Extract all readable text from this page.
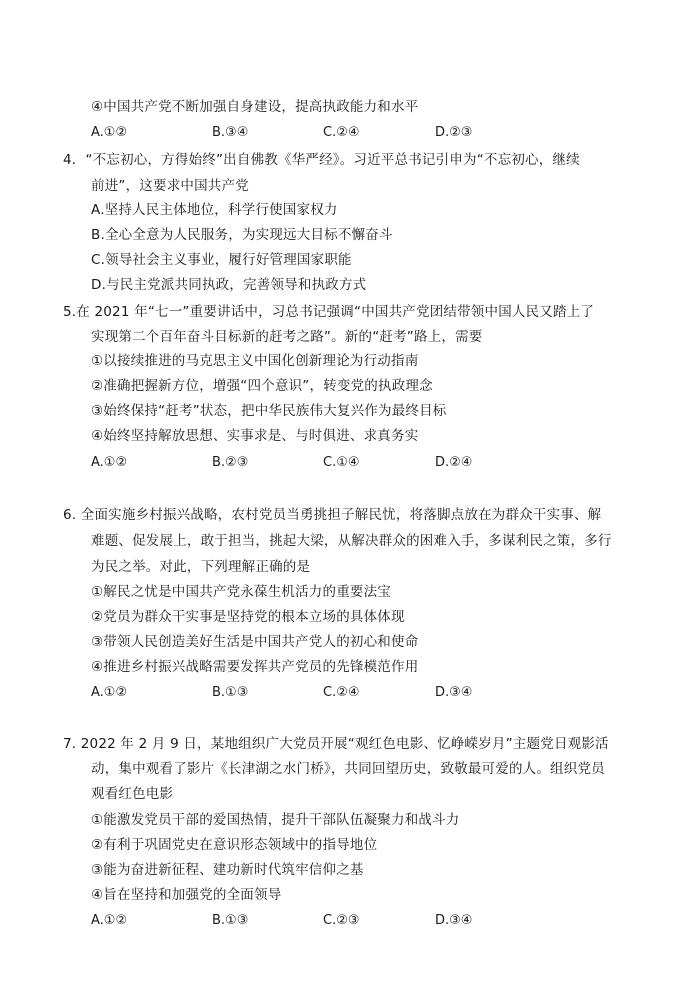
④中国共产党不断加强自身建设，提高执政能力和水平
A.①②	B.③④	C.②④	D.②③
4．“不忘初心，方得始终”出自佛教《华严经》。习近平总书记引申为“不忘初心，继续
前进”，这要求中国共产党
A.坚持人民主体地位，科学行使国家权力
B.全心全意为人民服务，为实现远大目标不懈奋斗
C.领导社会主义事业，履行好管理国家职能
D.与民主党派共同执政，完善领导和执政方式
5.在 2021 年“七一”重要讲话中，习总书记强调“中国共产党团结带领中国人民又踏上了
实现第二个百年奋斗目标新的赶考之路”。新的“赶考”路上，需要
①以接续推进的马克思主义中国化创新理论为行动指南
②准确把握新方位，增强“四个意识”，转变党的执政理念
③始终保持“赶考”状态，把中华民族伟大复兴作为最终目标
④始终坚持解放思想、实事求是、与时俱进、求真务实
A.①②	B.②③	C.①④	D.②④
6. 全面实施乡村振兴战略，农村党员当勇挑担子解民忧，将落脚点放在为群众干实事、解
难题、促发展上，敢于担当，挑起大梁，从解决群众的困难入手，多谋利民之策，多行
为民之举。对此，下列理解正确的是
①解民之忧是中国共产党永葆生机活力的重要法宝
②党员为群众干实事是坚持党的根本立场的具体体现
③带领人民创造美好生活是中国共产党人的初心和使命
④推进乡村振兴战略需要发挥共产党员的先锋模范作用
A.①②	B.①③	C.②④	D.③④
7. 2022 年 2 月 9 日，某地组织广大党员开展“观红色电影、忆峥嵘岁月”主题党日观影活
动，集中观看了影片《长津湖之水门桥》，共同回望历史，致敬最可爱的人。组织党员
观看红色电影
①能激发党员干部的爱国热情，提升干部队伍凝聚力和战斗力
②有利于巩固党史在意识形态领域中的指导地位
③能为奋进新征程、建功新时代筑牢信仰之基
④旨在坚持和加强党的全面领导
A.①②	B.①③	C.②③	D.③④
